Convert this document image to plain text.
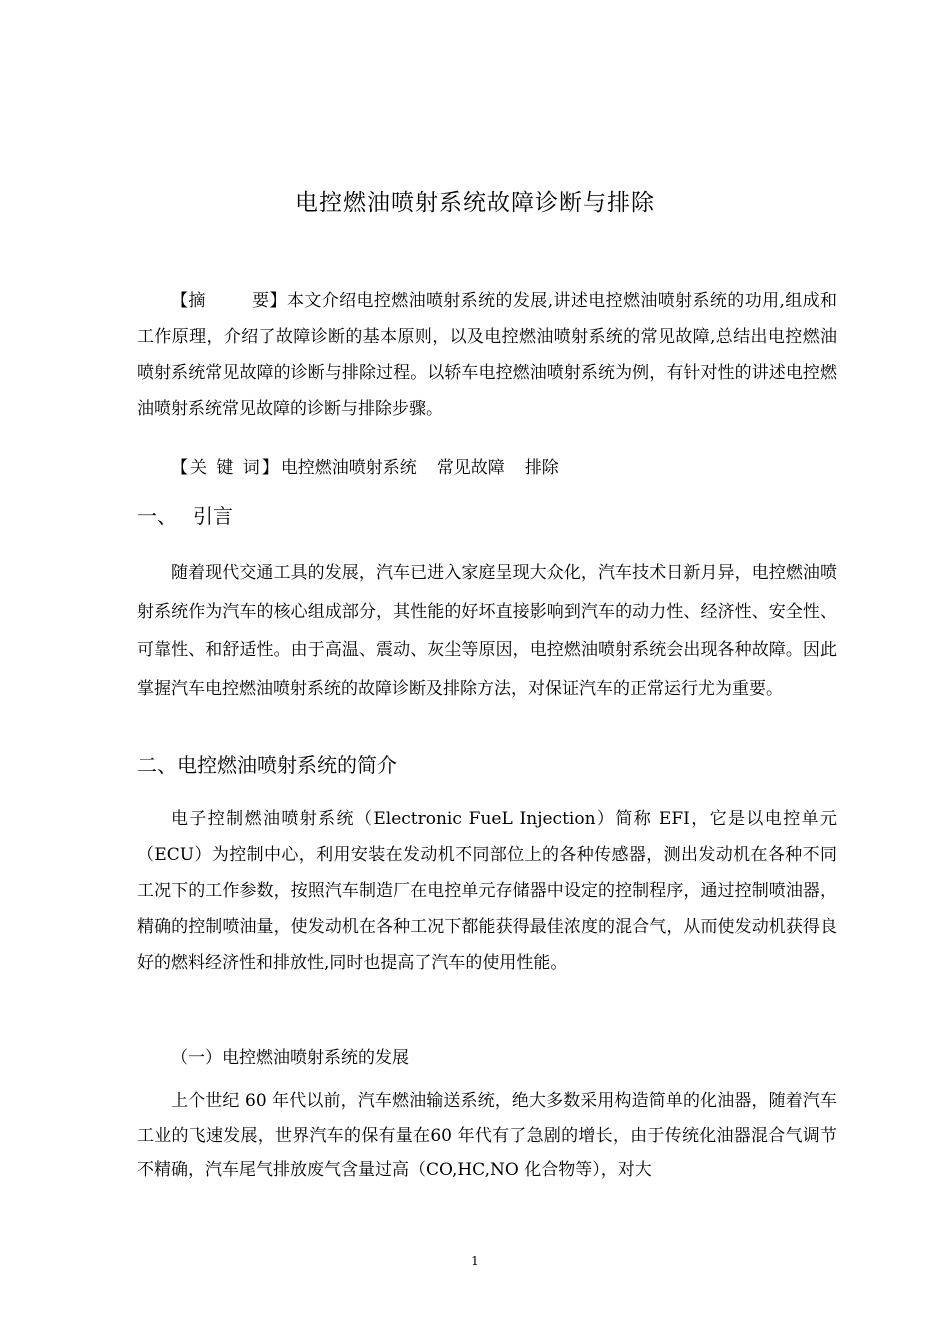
电控燃油喷射系统故障诊断与排除
【摘	要】本文介绍电控燃油喷射系统的发展,讲述电控燃油喷射系统的功用,组成和工作原理，介绍了故障诊断的基本原则，以及电控燃油喷射系统的常见故障,总结出电控燃油喷射系统常见故障的诊断与排除过程。以轿车电控燃油喷射系统为例，有针对性的讲述电控燃油喷射系统常见故障的诊断与排除步骤。
【关 键 词】电控燃油喷射系统 常见故障 排除
一、 引言
随着现代交通工具的发展，汽车已进入家庭呈现大众化，汽车技术日新月异，电控燃油喷射系统作为汽车的核心组成部分，其性能的好坏直接影响到汽车的动力性、经济性、安全性、可靠性、和舒适性。由于高温、震动、灰尘等原因，电控燃油喷射系统会出现各种故障。因此掌握汽车电控燃油喷射系统的故障诊断及排除方法，对保证汽车的正常运行尤为重要。
二、电控燃油喷射系统的简介
电子控制燃油喷射系统（Electronic FueL Injection）简称 EFI，它是以电控单元（ECU）为控制中心，利用安装在发动机不同部位上的各种传感器，测出发动机在各种不同工况下的工作参数，按照汽车制造厂在电控单元存储器中设定的控制程序，通过控制喷油器，精确的控制喷油量，使发动机在各种工况下都能获得最佳浓度的混合气，从而使发动机获得良好的燃料经济性和排放性,同时也提高了汽车的使用性能。
（一）电控燃油喷射系统的发展
上个世纪 60 年代以前，汽车燃油输送系统，绝大多数采用构造简单的化油器，随着汽车工业的飞速发展，世界汽车的保有量在60 年代有了急剧的增长，由于传统化油器混合气调节不精确，汽车尾气排放废气含量过高（CO,HC,NO 化合物等），对大
1
